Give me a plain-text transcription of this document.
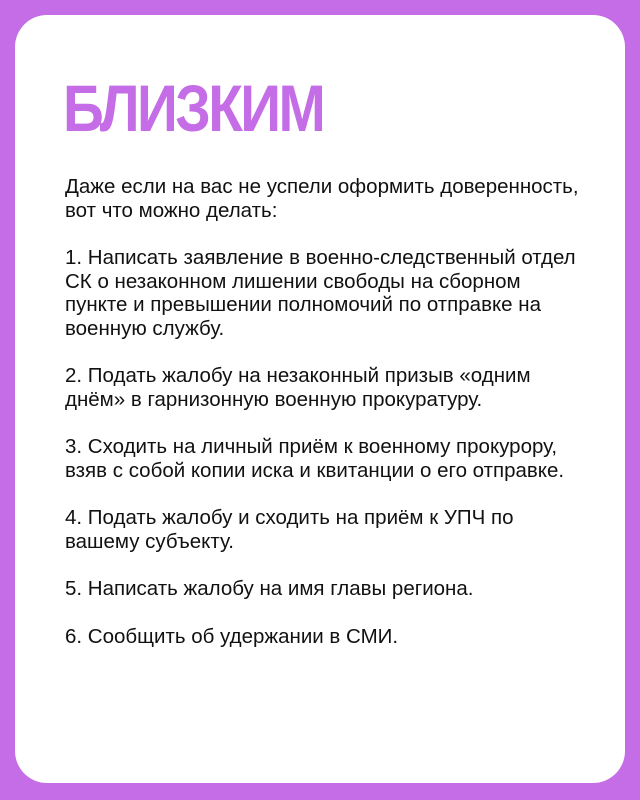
БЛИЗКИМ

Даже если на вас не успели оформить доверенность, вот что можно делать:

1. Написать заявление в военно-следственный отдел СК о незаконном лишении свободы на сборном пункте и превышении полномочий по отправке на военную службу.

2. Подать жалобу на незаконный призыв «одним днём» в гарнизонную военную прокуратуру.

3. Сходить на личный приём к военному прокурору, взяв с собой копии иска и квитанции о его отправке.

4. Подать жалобу и сходить на приём к УПЧ по вашему субъекту.

5. Написать жалобу на имя главы региона.

6. Сообщить об удержании в СМИ.
